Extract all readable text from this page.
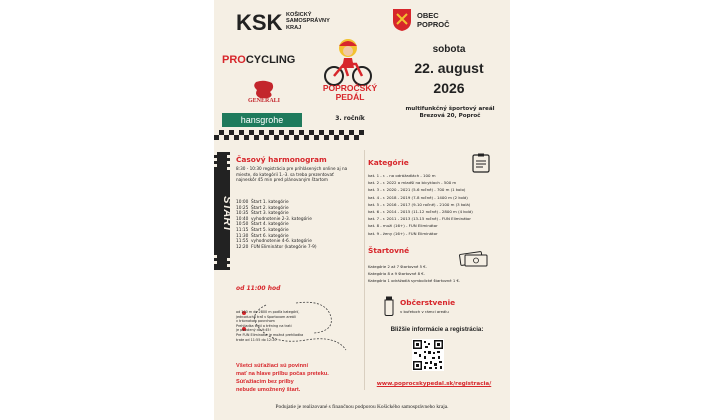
KSK KOŠICKÝ
SAMOSPRÁVNY
KRAJ
OBEC
POPROČ
PROCYCLING
GENERALI
hansgrohe
POPROČSKÝ
PEDÁL
3. ročník
sobota
22. august
2026
multifunkčný športový areál
Brezová 20, Poproč
START
Časový harmonogram
8:30 - 10:30 registrácia pre prihlásených online aj na mieste, do kategórií 1.-3. sa treba prezentovať najneskôr 45 min pred plánovaným štartom
10:00 Štart 1. kategórie
10:25 Štart 2. kategórie
10:35 Štart 3. kategórie
10:40 vyhodnotenie 2-3. kategórie
10:50 Štart 4. kategórie
11:15 Štart 5. kategórie
11:30 Štart 6. kategórie
11:55 vyhodnotenie 4-6. kategórie
12:20 FUN Eliminátor (kategórie 7-9)
od 11:00 hod
od 100 m do 2800 m podľa kategórií,
jednoduchá trať v športovom areáli
v trávnatom povrchom
Prehliadka tratí a tréning na trati
je povolený do 9:45!
Pre FUN Eliminator je možná prehliadka
trate od 11:55 do 12:20
Všetci súťažiaci sú povinní
mať na hlave prilbu počas preteku.
Súťažiacim bez prilby
nebude umožnený štart.
Kategórie
kat. 1 - r. - na odrážadlách - 100 m
kat. 2 - r. 2022 a mladší na bicykloch - 500 m
kat. 3 - r. 2020 - 2021 (5-6 ročné) - 700 m (1 kolo)
kat. 4 - r. 2018 - 2019 (7-8 ročné) - 1400 m (2 kolá)
kat. 5 - r. 2016 - 2017 (9-10 ročné) - 2100 m (3 kolá)
kat. 6 - r. 2014 - 2015 (11-12 ročné) - 2800 m (4 kolá)
kat. 7 - r. 2011 - 2013 (13-15 ročné) - FUN Eliminátor
kat. 8 - muži (16+) - FUN Eliminátor
kat. 9 - ženy (16+) - FUN Eliminátor
Štartovné
Kategórie 2 až 7 štartovné 5 €.
Kategória 8 a 9 štartovné 8 €.
Kategória 1 odrážadlá symbolické štartovné 1 €.
Občerstvenie
v bufetoch v rámci areálu
Bližšie informácie a registrácia:
www.poprocskypedal.sk/registracia/
Podujatie je realizované s finančnou podporou Košického samosprávneho kraja.
